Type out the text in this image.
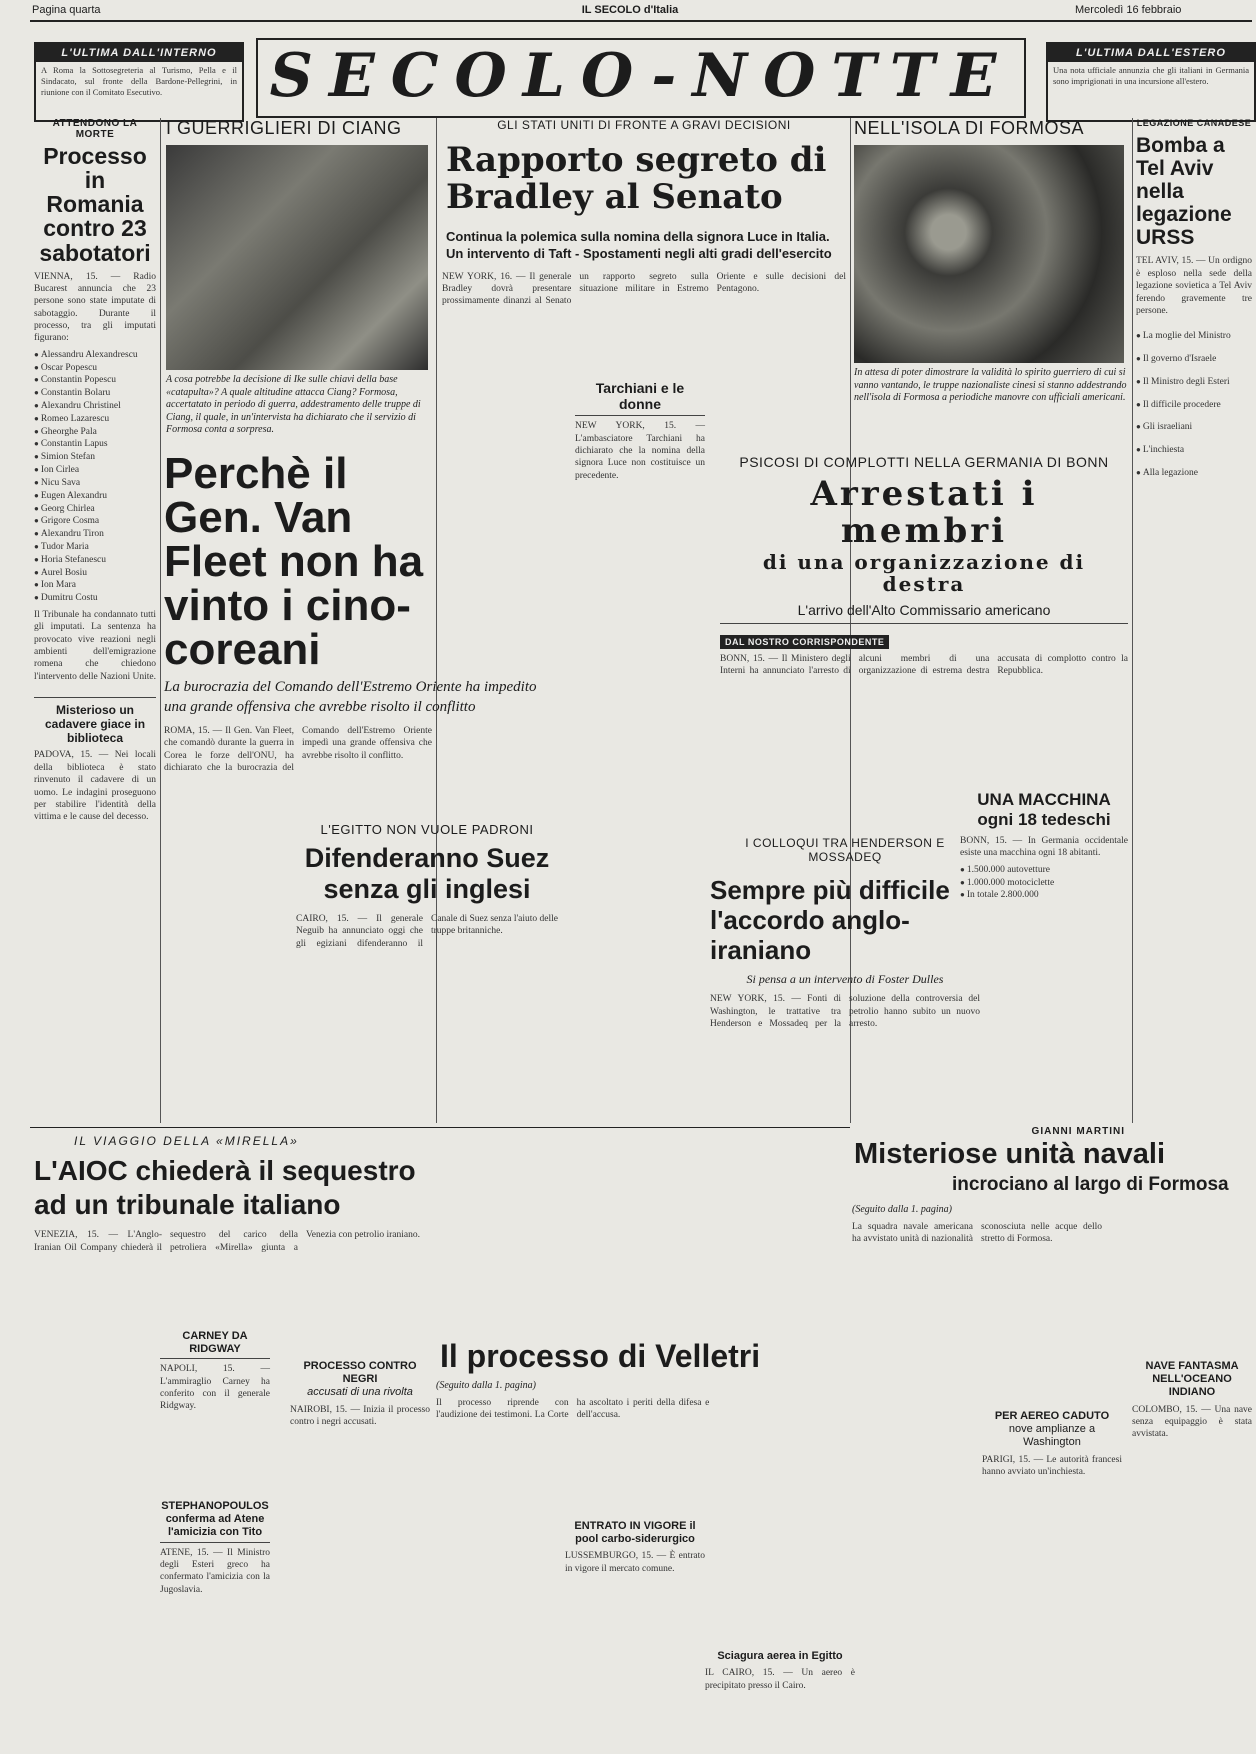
Pagina quarta	IL SECOLO d'Italia	Mercoledì 16 febbraio
L'ULTIMA DALL'INTERNO
A Roma la Sottosegreteria al Turismo, Pella e il Sindacato, sul fronte della Bardone-Pellegrini, in riunione con il Comitato Esecutivo.	SECOLO-NOTTE	L'ULTIMA DALL'ESTERO
Una nota ufficiale annunzia che gli italiani in Germania sono imprigionati in una incursione all'estero.
ATTENDONO LA MORTE
Processo in Romania contro 23 sabotatori
VIENNA, 15. — Radio Bucarest annuncia che 23 persone sono state imputate di sabotaggio. Durante il processo, tra gli imputati figurano:
● Alessandru Alexandrescu
● Oscar Popescu
● Constantin Popescu
● Constantin Bolaru
● Alexandru Christinel
● Romeo Lazarescu
● Gheorghe Pala
● Constantin Lapus
● Simion Stefan
● Ion Cirlea
● Nicu Sava
● Eugen Alexandru
● Georg Chirlea
● Grigore Cosma
● Alexandru Tiron
● Tudor Maria
● Horia Stefanescu
● Aurel Bosiu
● Ion Mara
● Dumitru Costu
Il Tribunale ha condannato tutti gli imputati. La sentenza ha provocato vive reazioni negli ambienti dell'emigrazione romena che chiedono l'intervento delle Nazioni Unite.
Misterioso un cadavere giace in biblioteca
PADOVA, 15. — Nei locali della biblioteca è stato rinvenuto il cadavere di un uomo. Le indagini proseguono per stabilire l'identità della vittima e le cause del decesso.
I GUERRIGLIERI DI CIANG
A cosa potrebbe la decisione di Ike sulle chiavi della base «catapulta»? A quale altitudine attacca Ciang? Formosa, accertatato in periodo di guerra, addestramento delle truppe di Ciang, il quale, in un'intervista ha dichiarato che il servizio di Formosa conta a sorpresa.
GLI STATI UNITI DI FRONTE A GRAVI DECISIONI
Rapporto segreto di Bradley al Senato
Continua la polemica sulla nomina della signora Luce in Italia. Un intervento di Taft - Spostamenti negli alti gradi dell'esercito
NEW YORK, 16. — Il generale Bradley dovrà presentare prossimamente dinanzi al Senato un rapporto segreto sulla situazione militare in Estremo Oriente e sulle decisioni del Pentagono.
Tarchiani e le donne
NEW YORK, 15. — L'ambasciatore Tarchiani ha dichiarato che la nomina della signora Luce non costituisce un precedente.
NELL'ISOLA DI FORMOSA
In attesa di poter dimostrare la validità lo spirito guerriero di cui si vanno vantando, le truppe nazionaliste cinesi si stanno addestrando nell'isola di Formosa a periodiche manovre con ufficiali americani.
LEGAZIONE CANADESE
Bomba a Tel Aviv nella legazione URSS
TEL AVIV, 15. — Un ordigno è esploso nella sede della legazione sovietica a Tel Aviv ferendo gravemente tre persone.
● La moglie del Ministro
● Il governo d'Israele
● Il Ministro degli Esteri
● Il difficile procedere
● Gli israeliani
● L'inchiesta
● Alla legazione
Perchè il Gen. Van Fleet non ha vinto i cino-coreani
La burocrazia del Comando dell'Estremo Oriente ha impedito una grande offensiva che avrebbe risolto il conflitto
ROMA, 15. — Il Gen. Van Fleet, che comandò durante la guerra in Corea le forze dell'ONU, ha dichiarato che la burocrazia del Comando dell'Estremo Oriente impedì una grande offensiva che avrebbe risolto il conflitto.
PSICOSI DI COMPLOTTI NELLA GERMANIA DI BONN
Arrestati i membri
di una organizzazione di destra
L'arrivo dell'Alto Commissario americano
DAL NOSTRO CORRISPONDENTE
BONN, 15. — Il Ministero degli Interni ha annunciato l'arresto di alcuni membri di una organizzazione di estrema destra accusata di complotto contro la Repubblica.
L'EGITTO NON VUOLE PADRONI
Difenderanno Suez senza gli inglesi
CAIRO, 15. — Il generale Neguib ha annunciato oggi che gli egiziani difenderanno il Canale di Suez senza l'aiuto delle truppe britanniche.
I COLLOQUI TRA HENDERSON E MOSSADEQ
Sempre più difficile l'accordo anglo-iraniano
Si pensa a un intervento di Foster Dulles
NEW YORK, 15. — Fonti di Washington, le trattative tra Henderson e Mossadeq per la soluzione della controversia del petrolio hanno subito un nuovo arresto.
GIANNI MARTINI
UNA MACCHINA ogni 18 tedeschi
BONN, 15. — In Germania occidentale esiste una macchina ogni 18 abitanti.
● 1.500.000 autovetture
● 1.000.000 motociclette
● In totale 2.800.000
IL VIAGGIO DELLA «MIRELLA»
L'AIOC chiederà il sequestro ad un tribunale italiano
VENEZIA, 15. — L'Anglo-Iranian Oil Company chiederà il sequestro del carico della petroliera «Mirella» giunta a Venezia con petrolio iraniano.
CARNEY DA RIDGWAY
NAPOLI, 15. — L'ammiraglio Carney ha conferito con il generale Ridgway.
STEPHANOPOULOS conferma ad Atene l'amicizia con Tito
ATENE, 15. — Il Ministro degli Esteri greco ha confermato l'amicizia con la Jugoslavia.
PROCESSO CONTRO NEGRI
accusati di una rivolta
NAIROBI, 15. — Inizia il processo contro i negri accusati.
Il processo di Velletri
(Seguito dalla 1. pagina)
Il processo riprende con l'audizione dei testimoni. La Corte ha ascoltato i periti della difesa e dell'accusa.
ENTRATO IN VIGORE il pool carbo-siderurgico
LUSSEMBURGO, 15. — È entrato in vigore il mercato comune.
Sciagura aerea in Egitto
IL CAIRO, 15. — Un aereo è precipitato presso il Cairo.
Misteriose unità navali
incrociano al largo di Formosa
(Seguito dalla 1. pagina)
La squadra navale americana ha avvistato unità di nazionalità sconosciuta nelle acque dello stretto di Formosa.
NAVE FANTASMA NELL'OCEANO INDIANO
COLOMBO, 15. — Una nave senza equipaggio è stata avvistata.
PER AEREO CADUTO
nove amplianze a Washington
PARIGI, 15. — Le autorità francesi hanno avviato un'inchiesta.
